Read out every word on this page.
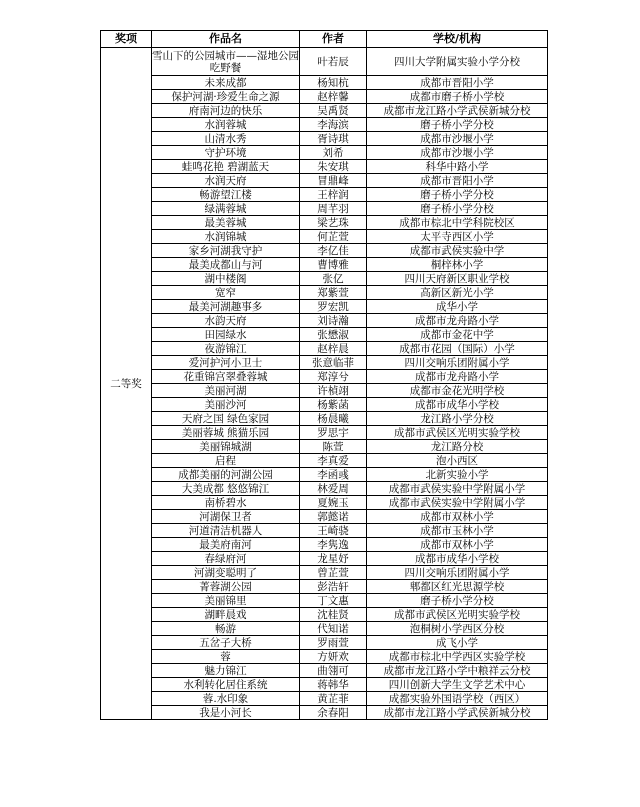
奖项	作品名	作者	学校/机构
二等奖	雪山下的公园城市——湿地公园吃野餐	叶若辰	四川大学附属实验小学分校
	未来成都	杨知杭	成都市晋阳小学
	保护河湖·珍爱生命之源	赵梓馨	成都市磨子桥小学校
	府南河边的快乐	吴禹贤	成都市龙江路小学武侯新城分校
	水润蓉城	李海滨	磨子桥小学分校
	山清水秀	胥诗琪	成都市沙堰小学
	守护环境	刘希	成都市沙堰小学
	蛙鸣花艳 碧湖蓝天	朱安琪	科华中路小学
	水润天府	冒鼎峰	成都市晋阳小学
	畅游望江楼	王梓润	磨子桥小学分校
	绿满蓉城	周芊羽	磨子桥小学分校
	最美蓉城	梁艺珠	成都市棕北中学科院校区
	水润锦城	何芷萱	太平寺西区小学
	家乡河湖我守护	李亿佳	成都市武侯实验中学
	最美成都山与河	曹博雅	桐梓林小学
	湖中楼阁	张亿	四川天府新区职业学校
	宽窄	郑紫萱	高新区新光小学
	最美河湖趣事多	罗宏凯	成华小学
	水韵天府	刘诗瀚	成都市龙舟路小学
	田园绿水	张懋淑	成都市金花中学
	夜游锦江	赵梓晨	成都市花园（国际）小学
	爱河护河小卫士	张意临菲	四川交响乐团附属小学
	花重锦宫翠叠蓉城	郑淳兮	成都市龙舟路小学
	美丽河湖	许楨翊	成都市金花光明学校
	美丽沙河	杨紫菡	成都市成华小学校
	天府之国 绿色家园	杨晨曦	龙江路小学分校
	美丽蓉城 熊猫乐园	罗思宇	成都市武侯区光明实验学校
	美丽锦城湖	陈萱	龙江路分校
	启程	李真爱	泡小西区
	成都美丽的河湖公园	李函彧	北新实验小学
	大美成都 悠悠锦江	林爱周	成都市武侯实验中学附属小学
	南桥碧水	夏婉玉	成都市武侯实验中学附属小学
	河湖保卫者	郭懿诺	成都市双林小学
	河道清洁机器人	王崎骁	成都市玉林小学
	最美府南河	李隽逸	成都市双林小学
	春绿府河	龙星妤	成都市成华小学校
	河湖变聪明了	曾芷萱	四川交响乐团附属小学
	菁蓉湖公园	彭浩轩	郫都区红光思源学校
	美丽锦里	丁文惠	磨子桥小学分校
	湖畔晨戏	沈桂贤	成都市武侯区光明实验学校
	畅游	代知诺	泡桐树小学西区分校
	五岔子大桥	罗雨萱	成飞小学
	蓉	方妍欢	成都市棕北中学西区实验学校
	魅力锦江	曲翎可	成都市龙江路小学中粮祥云分校
	水利转化居住系统	蒋韩华	四川创新大学生文学艺术中心
	蓉.水印象	黄芷菲	成都实验外国语学校（西区）
	我是小河长	余春阳	成都市龙江路小学武侯新城分校
